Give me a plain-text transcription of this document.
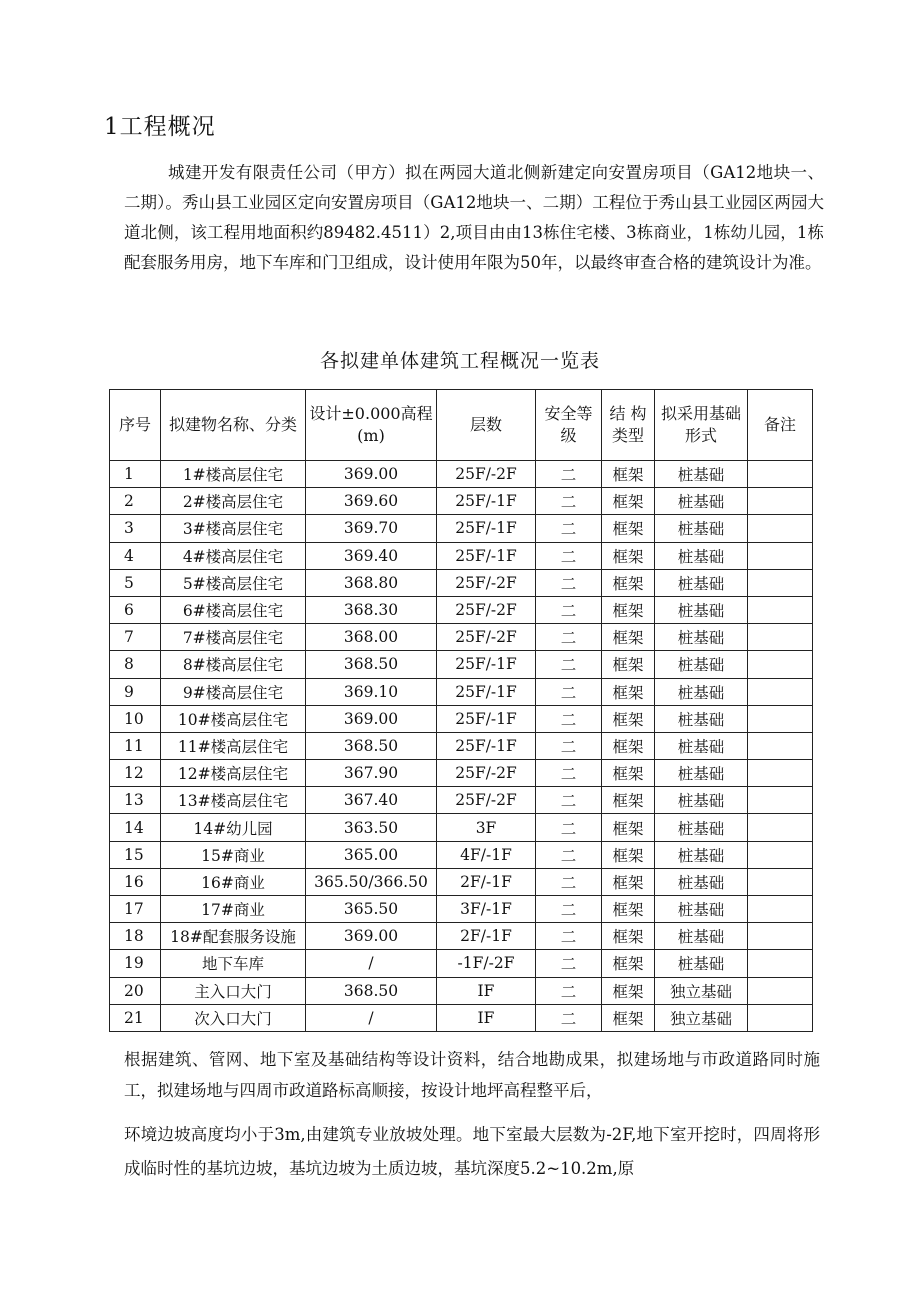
1工程概况

城建开发有限责任公司（甲方）拟在两园大道北侧新建定向安置房项目（GA12地块一、二期）。秀山县工业园区定向安置房项目（GA12地块一、二期）工程位于秀山县工业园区两园大道北侧，该工程用地面积约89482.4511）2,项目由由13栋住宅楼、3栋商业，1栋幼儿园，1栋配套服务用房，地下车库和门卫组成，设计使用年限为50年，以最终审查合格的建筑设计为准。

各拟建单体建筑工程概况一览表
序号	拟建物名称、分类	设计±0.000高程(m)	层数	安全等级	结 构类型	拟采用基础形式	备注
1	1#楼高层住宅	369.00	25F/-2F	二	框架	桩基础	
2	2#楼高层住宅	369.60	25F/-1F	二	框架	桩基础	
3	3#楼高层住宅	369.70	25F/-1F	二	框架	桩基础	
4	4#楼高层住宅	369.40	25F/-1F	二	框架	桩基础	
5	5#楼高层住宅	368.80	25F/-2F	二	框架	桩基础	
6	6#楼高层住宅	368.30	25F/-2F	二	框架	桩基础	
7	7#楼高层住宅	368.00	25F/-2F	二	框架	桩基础	
8	8#楼高层住宅	368.50	25F/-1F	二	框架	桩基础	
9	9#楼高层住宅	369.10	25F/-1F	二	框架	桩基础	
10	10#楼高层住宅	369.00	25F/-1F	二	框架	桩基础	
11	11#楼高层住宅	368.50	25F/-1F	二	框架	桩基础	
12	12#楼高层住宅	367.90	25F/-2F	二	框架	桩基础	
13	13#楼高层住宅	367.40	25F/-2F	二	框架	桩基础	
14	14#幼儿园	363.50	3F	二	框架	桩基础	
15	15#商业	365.00	4F/-1F	二	框架	桩基础	
16	16#商业	365.50/366.50	2F/-1F	二	框架	桩基础	
17	17#商业	365.50	3F/-1F	二	框架	桩基础	
18	18#配套服务设施	369.00	2F/-1F	二	框架	桩基础	
19	地下车库	/	-1F/-2F	二	框架	桩基础	
20	主入口大门	368.50	IF	二	框架	独立基础	
21	次入口大门	/	IF	二	框架	独立基础	

根据建筑、管网、地下室及基础结构等设计资料，结合地勘成果，拟建场地与市政道路同时施工，拟建场地与四周市政道路标高顺接，按设计地坪高程整平后，

环境边坡高度均小于3m,由建筑专业放坡处理。地下室最大层数为-2F,地下室开挖时，四周将形成临时性的基坑边坡，基坑边坡为土质边坡，基坑深度5.2~10.2m,原
